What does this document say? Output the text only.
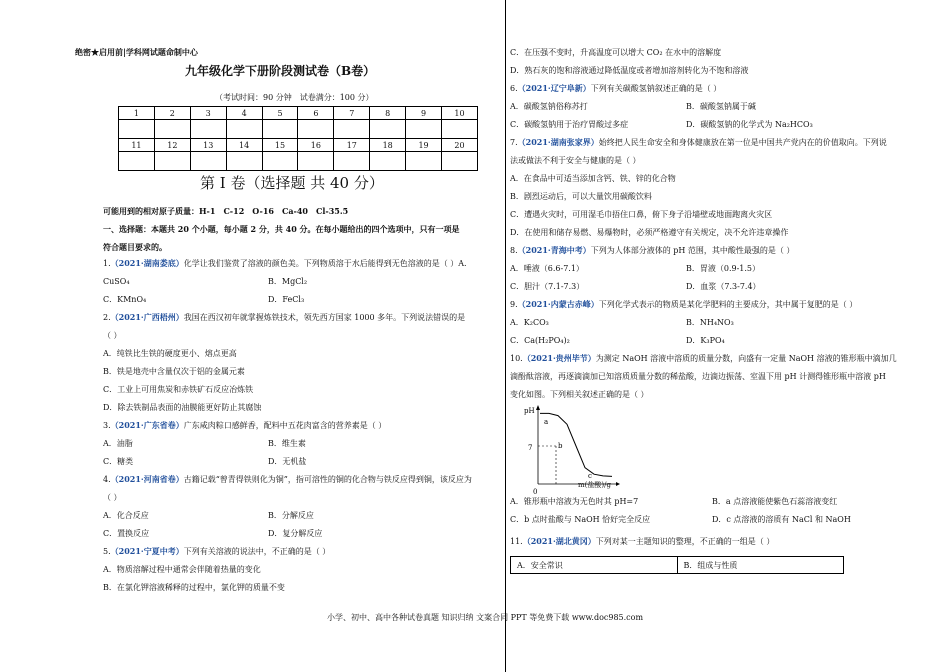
绝密★启用前|学科网试题命制中心
九年级化学下册阶段测试卷（B卷）
（考试时间：90 分钟　试卷满分：100 分）
1	2	3	4	5	6	7	8	9	10

11	12	13	14	15	16	17	18	19	20

第 I 卷（选择题 共 40 分）
可能用到的相对原子质量：H-1　C-12　O-16　Ca-40　Cl-35.5
一、选择题：本题共 20 个小题，每小题 2 分，共 40 分。在每小题给出的四个选项中，只有一项是
符合题目要求的。
1.（2021·湖南娄底）化学让我们鉴赏了溶液的颜色美。下列物质溶于水后能得到无色溶液的是（ ）A.
CuSO₄	B．MgCl₂
C．KMnO₄	D．FeCl₃
2.（2021·广西梧州）我国在西汉初年就掌握炼铁技术，领先西方国家 1000 多年。下列说法错误的是
（ ）
A．纯铁比生铁的硬度更小、熔点更高
B．铁是地壳中含量仅次于铝的金属元素
C．工业上可用焦炭和赤铁矿石反应冶炼铁
D．除去铁制品表面的油膜能更好防止其腐蚀
3.（2021·广东省卷）广东咸肉粽口感鲜香，配料中五花肉富含的营养素是（ ）
A．油脂	B．维生素
C．糖类	D．无机盐
4.（2021·河南省卷）古籍记载“曾青得铁则化为铜”，指可溶性的铜的化合物与铁反应得到铜，该反应为
（ ）
A．化合反应	B．分解反应
C．置换反应	D．复分解反应
5.（2021·宁夏中考）下列有关溶液的说法中，不正确的是（ ）
A．物质溶解过程中通常会伴随着热量的变化
B．在氯化钾溶液稀释的过程中，氯化钾的质量不变
C．在压强不变时，升高温度可以增大 CO₂ 在水中的溶解度
D．熟石灰的饱和溶液通过降低温度或者增加溶剂转化为不饱和溶液
6.（2021·辽宁阜新）下列有关碳酸氢钠叙述正确的是（ ）
A．碳酸氢钠俗称苏打	B．碳酸氢钠属于碱
C．碳酸氢钠用于治疗胃酸过多症	D．碳酸氢钠的化学式为 Na₂HCO₃
7.（2021·湖南张家界）始终把人民生命安全和身体健康放在第一位是中国共产党内在的价值取向。下列说
法或做法不利于安全与健康的是（ ）
A．在食品中可适当添加含钙、铁、锌的化合物
B．剧烈运动后，可以大量饮用碳酸饮料
C．遭遇火灾时，可用湿毛巾捂住口鼻，俯下身子沿墙壁或地面跑离火灾区
D．在使用和储存易燃、易爆物时，必须严格遵守有关规定，决不允许违章操作
8.（2021·青海中考）下列为人体部分液体的 pH 范围，其中酸性最强的是（ ）
A．唾液（6.6-7.1）	B．胃液（0.9-1.5）
C．胆汁（7.1-7.3）	D．血浆（7.3-7.4）
9.（2021·内蒙古赤峰）下列化学式表示的物质是某化学肥料的主要成分，其中属于复肥的是（ ）
A．K₂CO₃	B．NH₄NO₃
C．Ca(H₂PO₄)₂	D．K₃PO₄
10.（2021·贵州毕节）为测定 NaOH 溶液中溶质的质量分数，向盛有一定量 NaOH 溶液的锥形瓶中滴加几
滴酚酞溶液，再逐滴滴加已知溶质质量分数的稀盐酸，边滴边振荡、室温下用 pH 计测得锥形瓶中溶液 pH
变化如图。下列相关叙述正确的是（ ）
pH
7
a
b
c
0
m(盐酸)/g
A．锥形瓶中溶液为无色时其 pH=7	B．a 点溶液能使紫色石蕊溶液变红
C．b 点时盐酸与 NaOH 恰好完全反应	D．c 点溶液的溶质有 NaCl 和 NaOH
11.（2021·湖北黄冈）下列对某一主题知识的整理，不正确的一组是（ ）
A．安全常识	B．组成与性质
小学、初中、高中各种试卷真题 知识归纳 文案合同 PPT 等免费下载 www.doc985.com
